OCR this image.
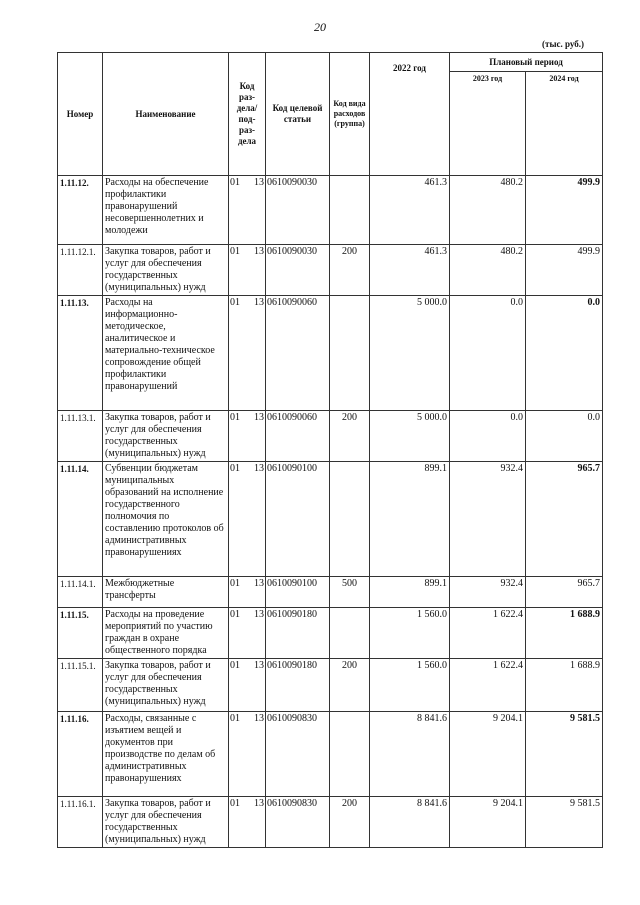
20
(тыс. руб.)
Номер	Наименование	Код раз-дела/ под-раз-дела	Код целевой статьи	Код вида расходов (группа)	2022 год	Плановый период	
						2023 год	2024 год
1.11.12.	Расходы на обеспечение профилактики правонарушений несовершеннолетних и молодежи	01 13	0610090030		461.3	480.2	499.9
1.11.12.1.	Закупка товаров, работ и услуг для обеспечения государственных (муниципальных) нужд	01 13	0610090030	200	461.3	480.2	499.9
1.11.13.	Расходы на информационно-методическое, аналитическое и материально-техническое сопровождение общей профилактики правонарушений	01 13	0610090060		5 000.0	0.0	0.0
1.11.13.1.	Закупка товаров, работ и услуг для обеспечения государственных (муниципальных) нужд	01 13	0610090060	200	5 000.0	0.0	0.0
1.11.14.	Субвенции бюджетам муниципальных образований на исполнение государственного полномочия по составлению протоколов об административных правонарушениях	01 13	0610090100		899.1	932.4	965.7
1.11.14.1.	Межбюджетные трансферты	01 13	0610090100	500	899.1	932.4	965.7
1.11.15.	Расходы на проведение мероприятий по участию граждан в охране общественного порядка	01 13	0610090180		1 560.0	1 622.4	1 688.9
1.11.15.1.	Закупка товаров, работ и услуг для обеспечения государственных (муниципальных) нужд	01 13	0610090180	200	1 560.0	1 622.4	1 688.9
1.11.16.	Расходы, связанные с изъятием вещей и документов при производстве по делам об административных правонарушениях	01 13	0610090830		8 841.6	9 204.1	9 581.5
1.11.16.1.	Закупка товаров, работ и услуг для обеспечения государственных (муниципальных) нужд	01 13	0610090830	200	8 841.6	9 204.1	9 581.5
